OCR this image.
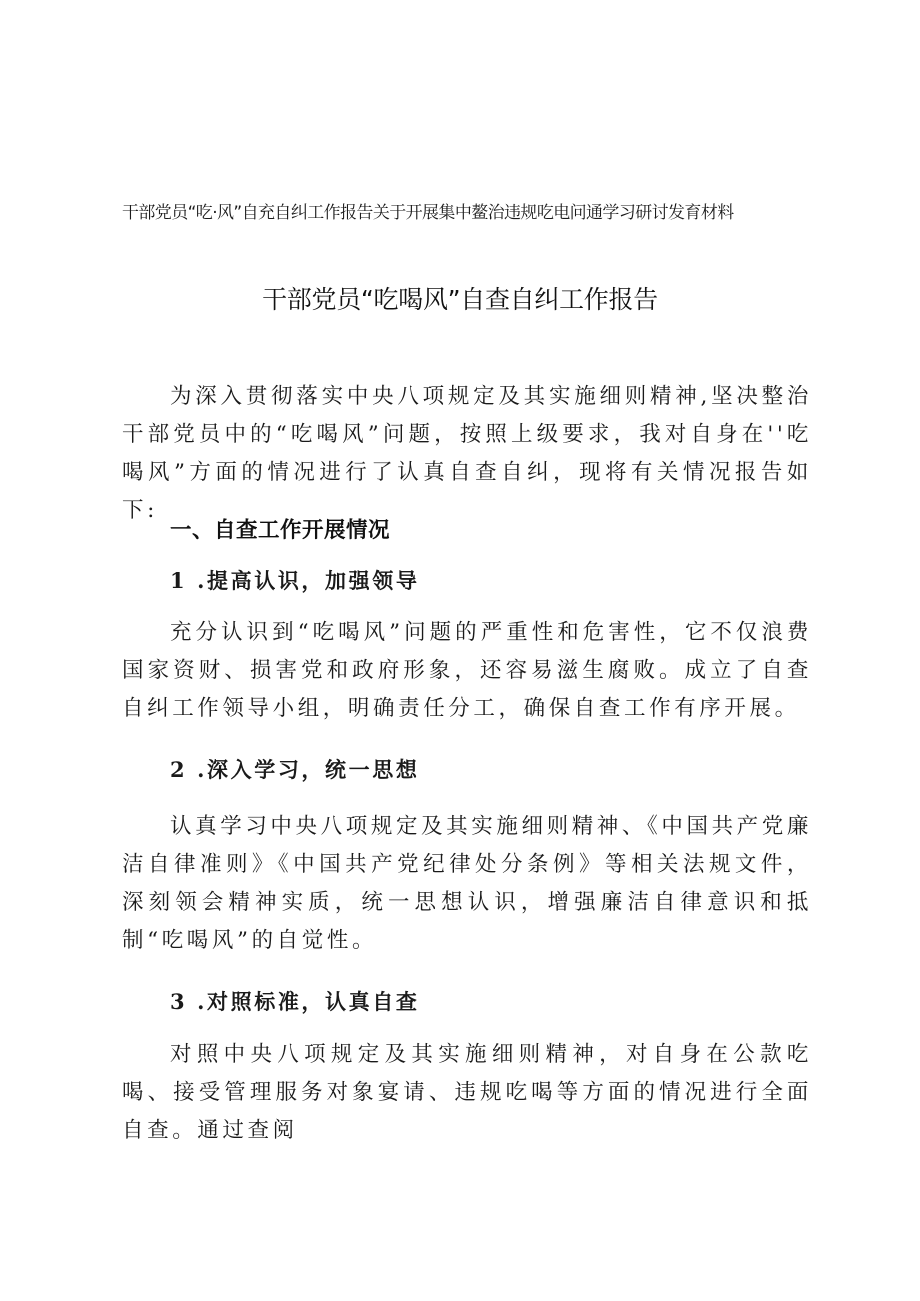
干部党员“吃·风”自充自纠工作报告关于开展集中鳌治违规吃电问通学习研讨发育材料
干部党员“吃喝风”自查自纠工作报告

为深入贯彻落实中央八项规定及其实施细则精神,坚决整治干部党员中的“吃喝风”问题，按照上级要求，我对自身在''吃喝风”方面的情况进行了认真自查自纠，现将有关情况报告如下:

一、自查工作开展情况
1 .提高认识，加强领导

充分认识到“吃喝风”问题的严重性和危害性，它不仅浪费国家资财、损害党和政府形象，还容易滋生腐败。成立了自查自纠工作领导小组，明确责任分工，确保自查工作有序开展。

2 .深入学习，统一思想

认真学习中央八项规定及其实施细则精神、《中国共产党廉洁自律准则》《中国共产党纪律处分条例》等相关法规文件，深刻领会精神实质，统一思想认识，增强廉洁自律意识和抵制“吃喝风”的自觉性。

3 .对照标准，认真自查

对照中央八项规定及其实施细则精神，对自身在公款吃喝、接受管理服务对象宴请、违规吃喝等方面的情况进行全面自查。通过查阅
